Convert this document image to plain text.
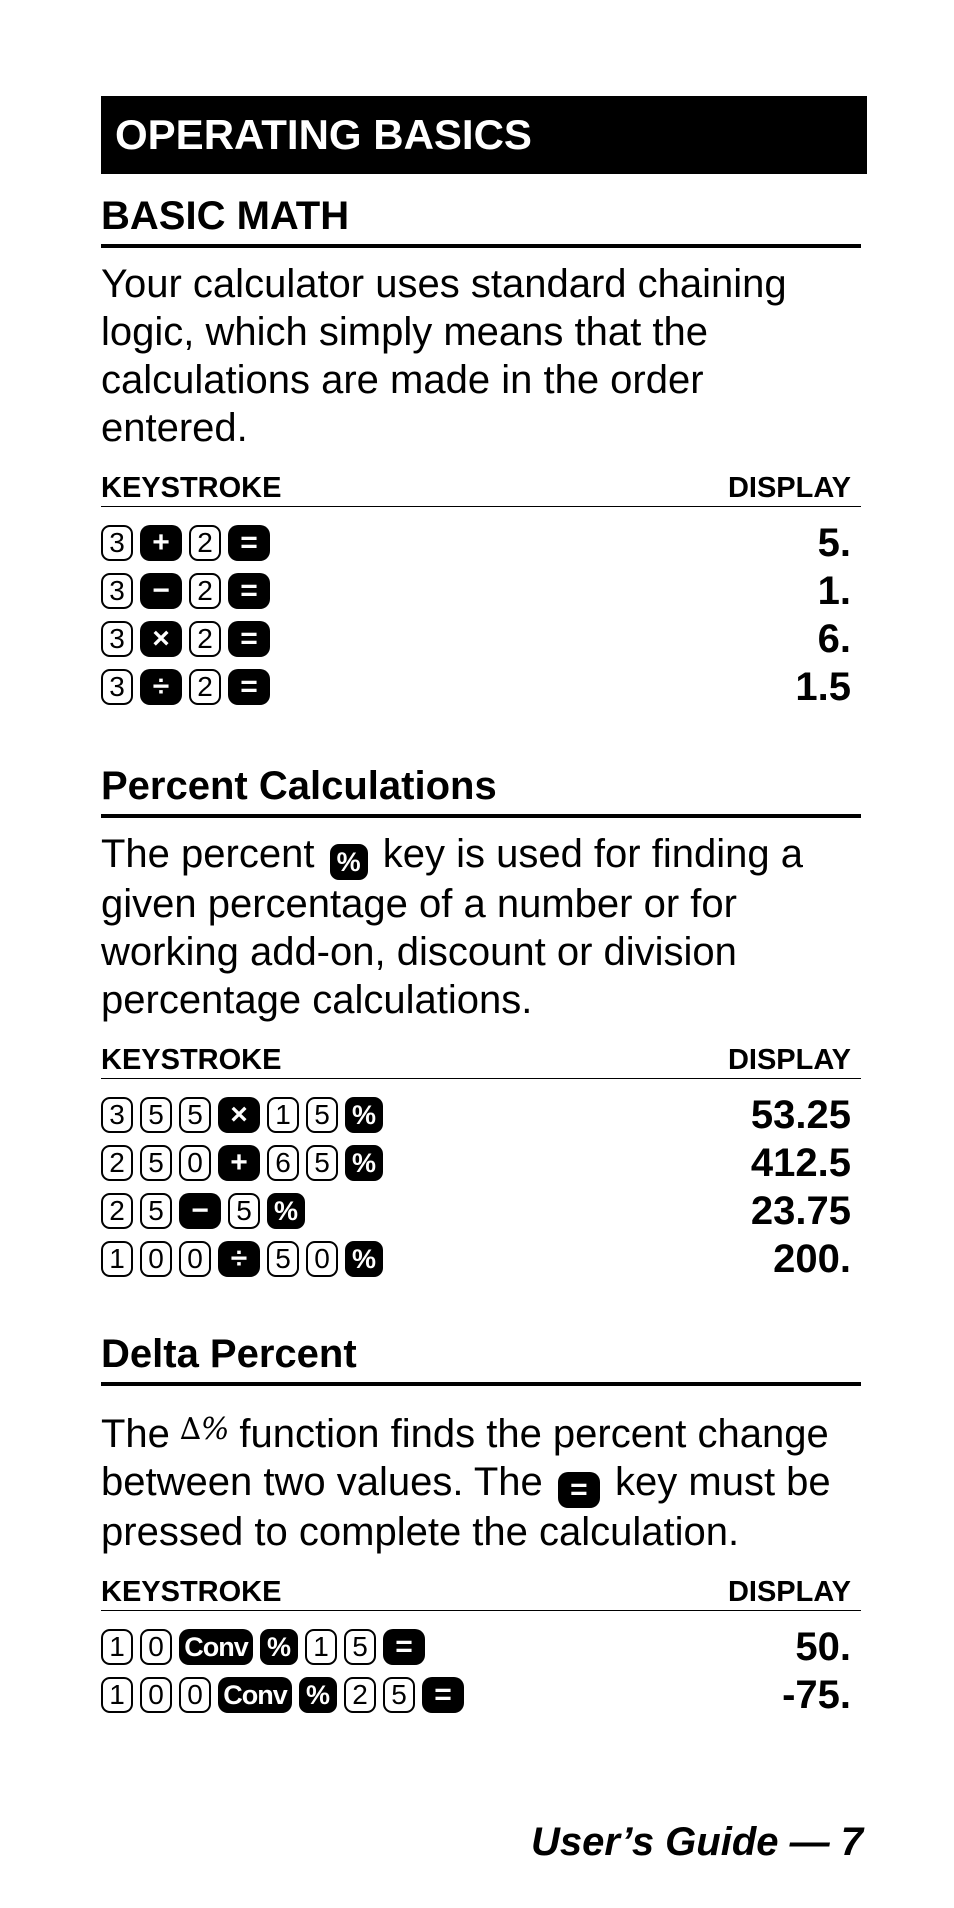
OPERATING BASICS
BASIC MATH
Your calculator uses standard chaining logic, which simply means that the calculations are made in the order entered.
KEYSTROKE	DISPLAY
3 + 2 =	5.
3 − 2 =	1.
3 × 2 =	6.
3 ÷ 2 =	1.5
Percent Calculations
The percent % key is used for finding a given percentage of a number or for working add-on, discount or division percentage calculations.
KEYSTROKE	DISPLAY
3 5 5 × 1 5 %	53.25
2 5 0 + 6 5 %	412.5
2 5 − 5 %	23.75
1 0 0 ÷ 5 0 %	200.
Delta Percent
The ∆% function finds the percent change between two values. The = key must be pressed to complete the calculation.
KEYSTROKE	DISPLAY
1 0 Conv % 1 5 =	50.
1 0 0 Conv % 2 5 =	-75.
User’s Guide — 7
